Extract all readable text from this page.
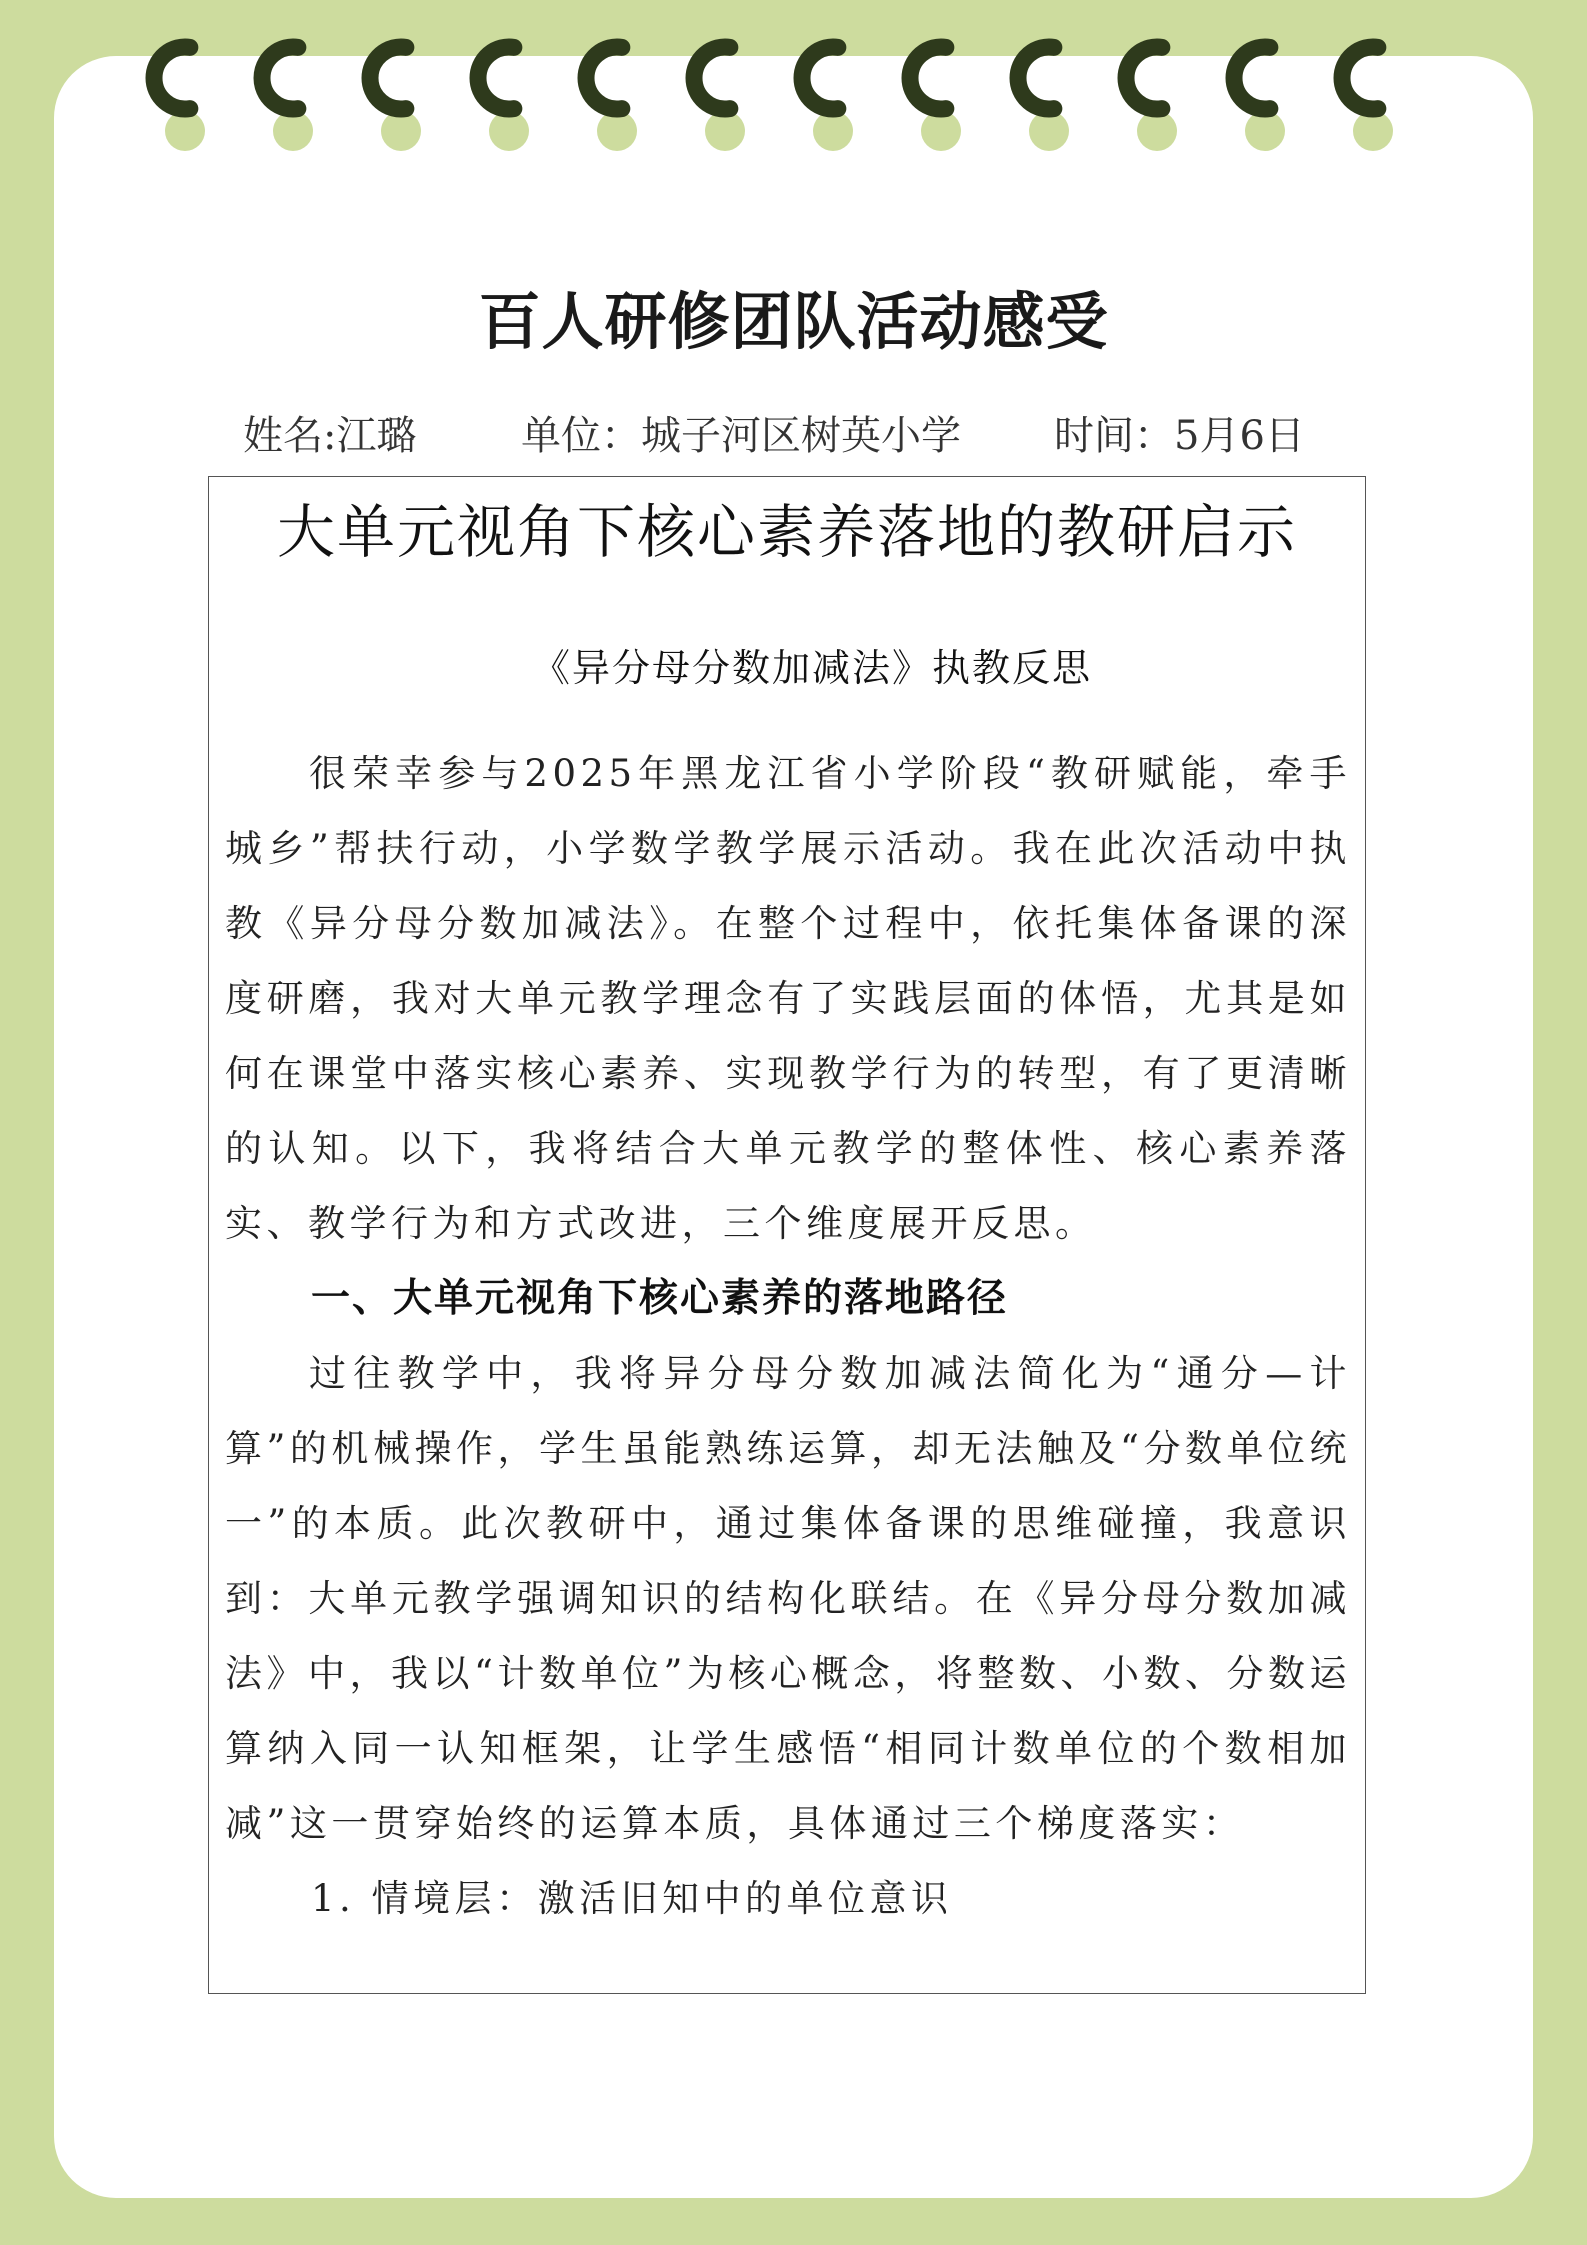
百人研修团队活动感受
姓名:江璐	单位：城子河区树英小学 时间：5月6日
大单元视角下核心素养落地的教研启示
《异分母分数加减法》执教反思

很荣幸参与2025年黑龙江省小学阶段“教研赋能，牵手城乡”帮扶行动，小学数学教学展示活动。我在此次活动中执教《异分母分数加减法》。在整个过程中，依托集体备课的深度研磨，我对大单元教学理念有了实践层面的体悟，尤其是如何在课堂中落实核心素养、实现教学行为的转型，有了更清晰的认知。以下，我将结合大单元教学的整体性、核心素养落实、教学行为和方式改进，三个维度展开反思。

一、大单元视角下核心素养的落地路径

过往教学中，我将异分母分数加减法简化为“通分—计算”的机械操作，学生虽能熟练运算，却无法触及“分数单位统一”的本质。此次教研中，通过集体备课的思维碰撞，我意识到：大单元教学强调知识的结构化联结。在《异分母分数加减法》中，我以“计数单位”为核心概念，将整数、小数、分数运算纳入同一认知框架，让学生感悟“相同计数单位的个数相加减”这一贯穿始终的运算本质，具体通过三个梯度落实：

1. 情境层：激活旧知中的单位意识
